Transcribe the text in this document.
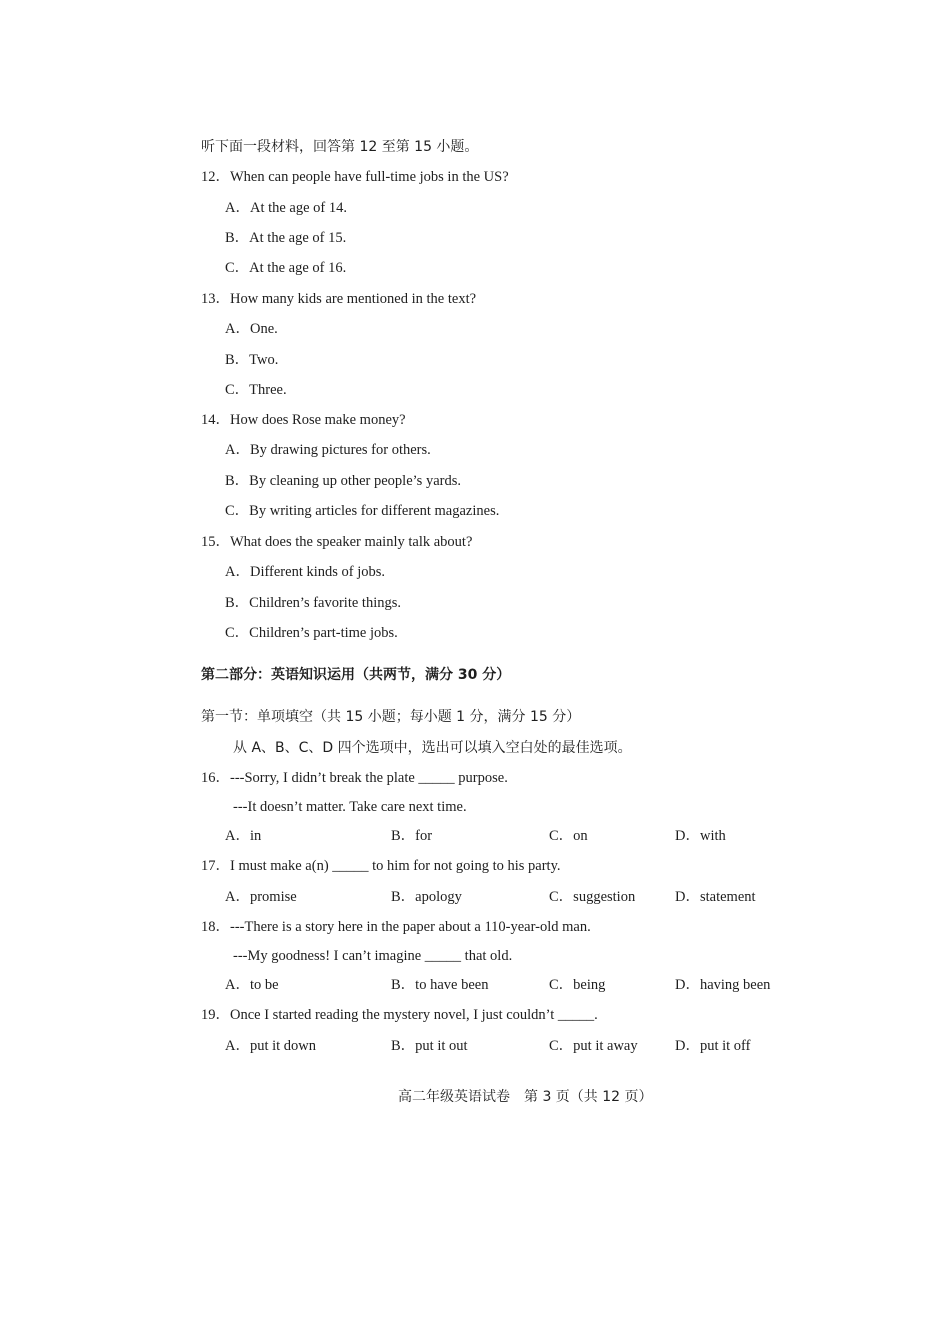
听下面一段材料，回答第 12 至第 15 小题。
12．When can people have full-time jobs in the US?
A．At the age of 14.
B．At the age of 15.
C．At the age of 16.
13．How many kids are mentioned in the text?
A．One.
B．Two.
C．Three.
14．How does Rose make money?
A．By drawing pictures for others.
B．By cleaning up other people’s yards.
C．By writing articles for different magazines.
15．What does the speaker mainly talk about?
A．Different kinds of jobs.
B．Children’s favorite things.
C．Children’s part-time jobs.
第二部分：英语知识运用（共两节，满分 30 分）
第一节：单项填空（共 15 小题；每小题 1 分，满分 15 分）
从 A、B、C、D 四个选项中，选出可以填入空白处的最佳选项。
16．---Sorry, I didn’t break the plate _____ purpose.
---It doesn’t matter. Take care next time.
A．in	B．for	C．on	D．with
17．I must make a(n) _____ to him for not going to his party.
A．promise	B．apology	C．suggestion	D．statement
18．---There is a story here in the paper about a 110-year-old man.
---My goodness! I can’t imagine _____ that old.
A．to be	B．to have been	C．being	D．having been
19．Once I started reading the mystery novel, I just couldn’t _____.
A．put it down	B．put it out	C．put it away	D．put it off
高二年级英语试卷　第 3 页（共 12 页）
